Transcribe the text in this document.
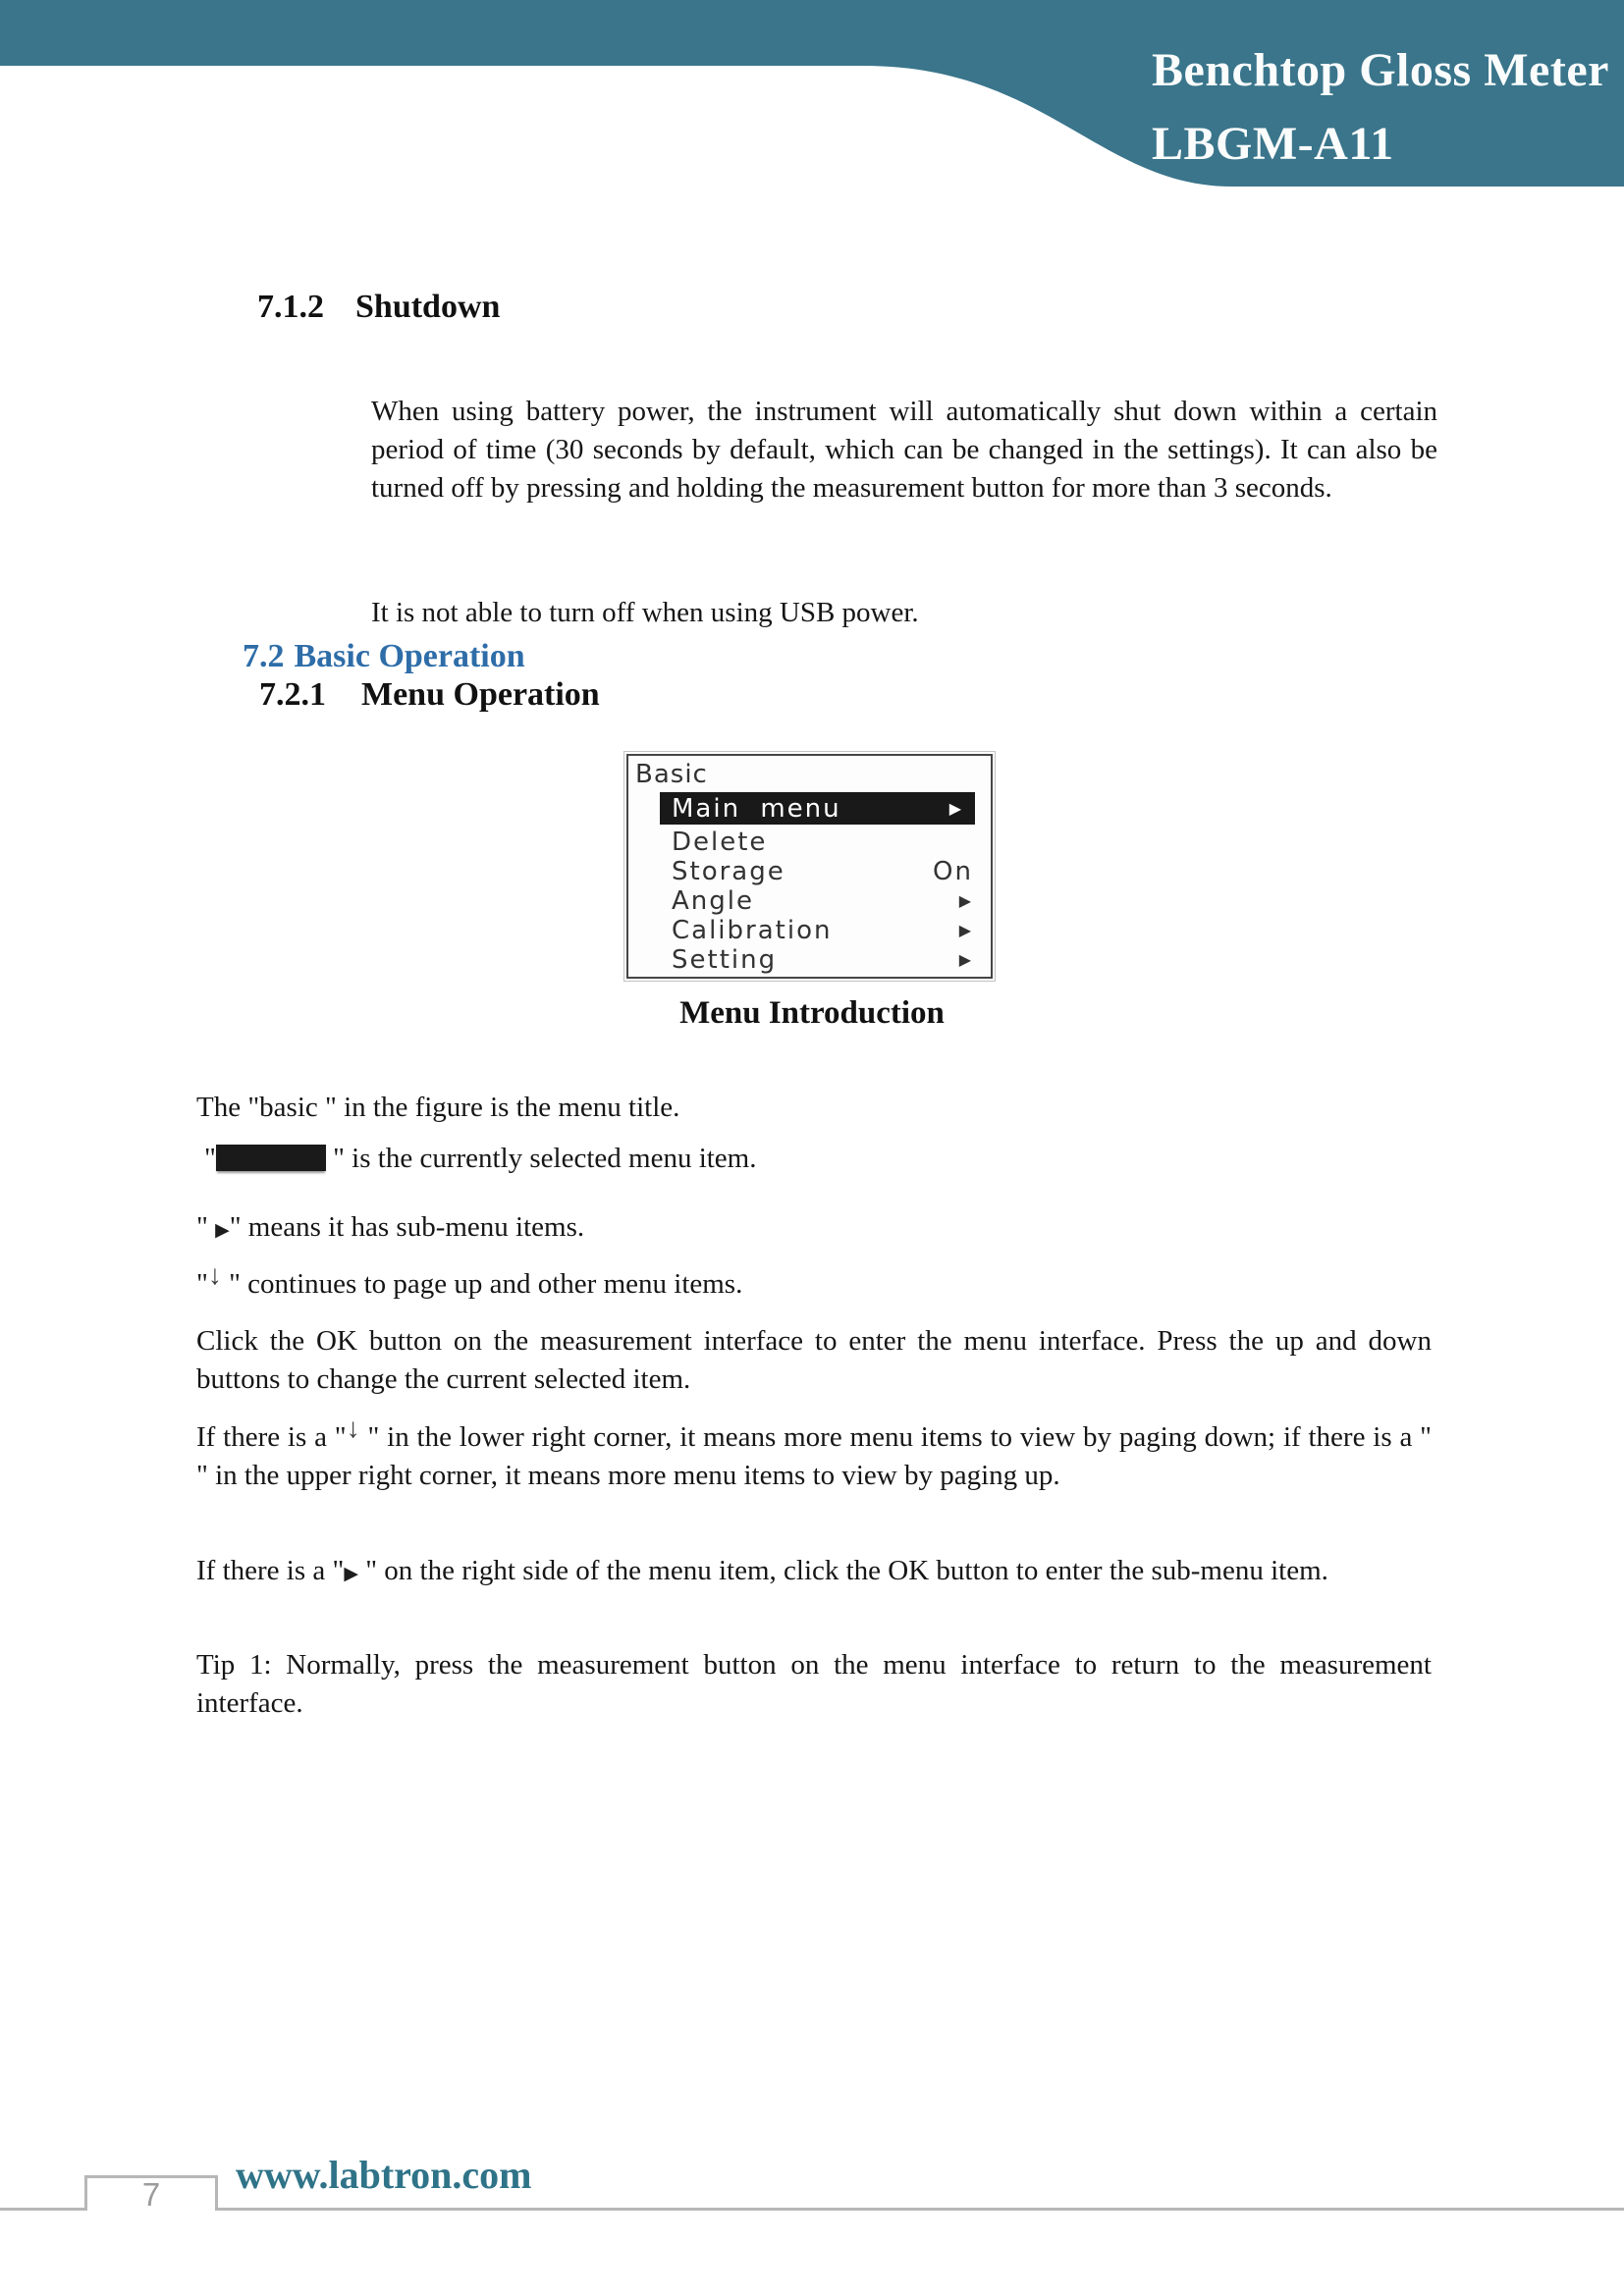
Benchtop Gloss Meter
LBGM-A11
7.1.2 Shutdown

When using battery power, the instrument will automatically shut down within a certain period of time (30 seconds by default, which can be changed in the settings). It can also be turned off by pressing and holding the measurement button for more than 3 seconds.

It is not able to turn off when using USB power.

7.2 Basic Operation
7.2.1 Menu Operation
Basic
Main menu	▶
Delete
Storage	On
Angle	▶
Calibration	▶
Setting	▶
Menu Introduction

The "basic " in the figure is the menu title.

"	" is the currently selected menu item.

" ▶" means it has sub-menu items.

"↓ " continues to page up and other menu items.

Click the OK button on the measurement interface to enter the menu interface. Press the up and down buttons to change the current selected item.

If there is a "↓ " in the lower right corner, it means more menu items to view by paging down; if there is a " " in the upper right corner, it means more menu items to view by paging up.

If there is a "▶ " on the right side of the menu item, click the OK button to enter the sub-menu item.

Tip 1: Normally, press the measurement button on the menu interface to return to the measurement interface.

7	www.labtron.com
